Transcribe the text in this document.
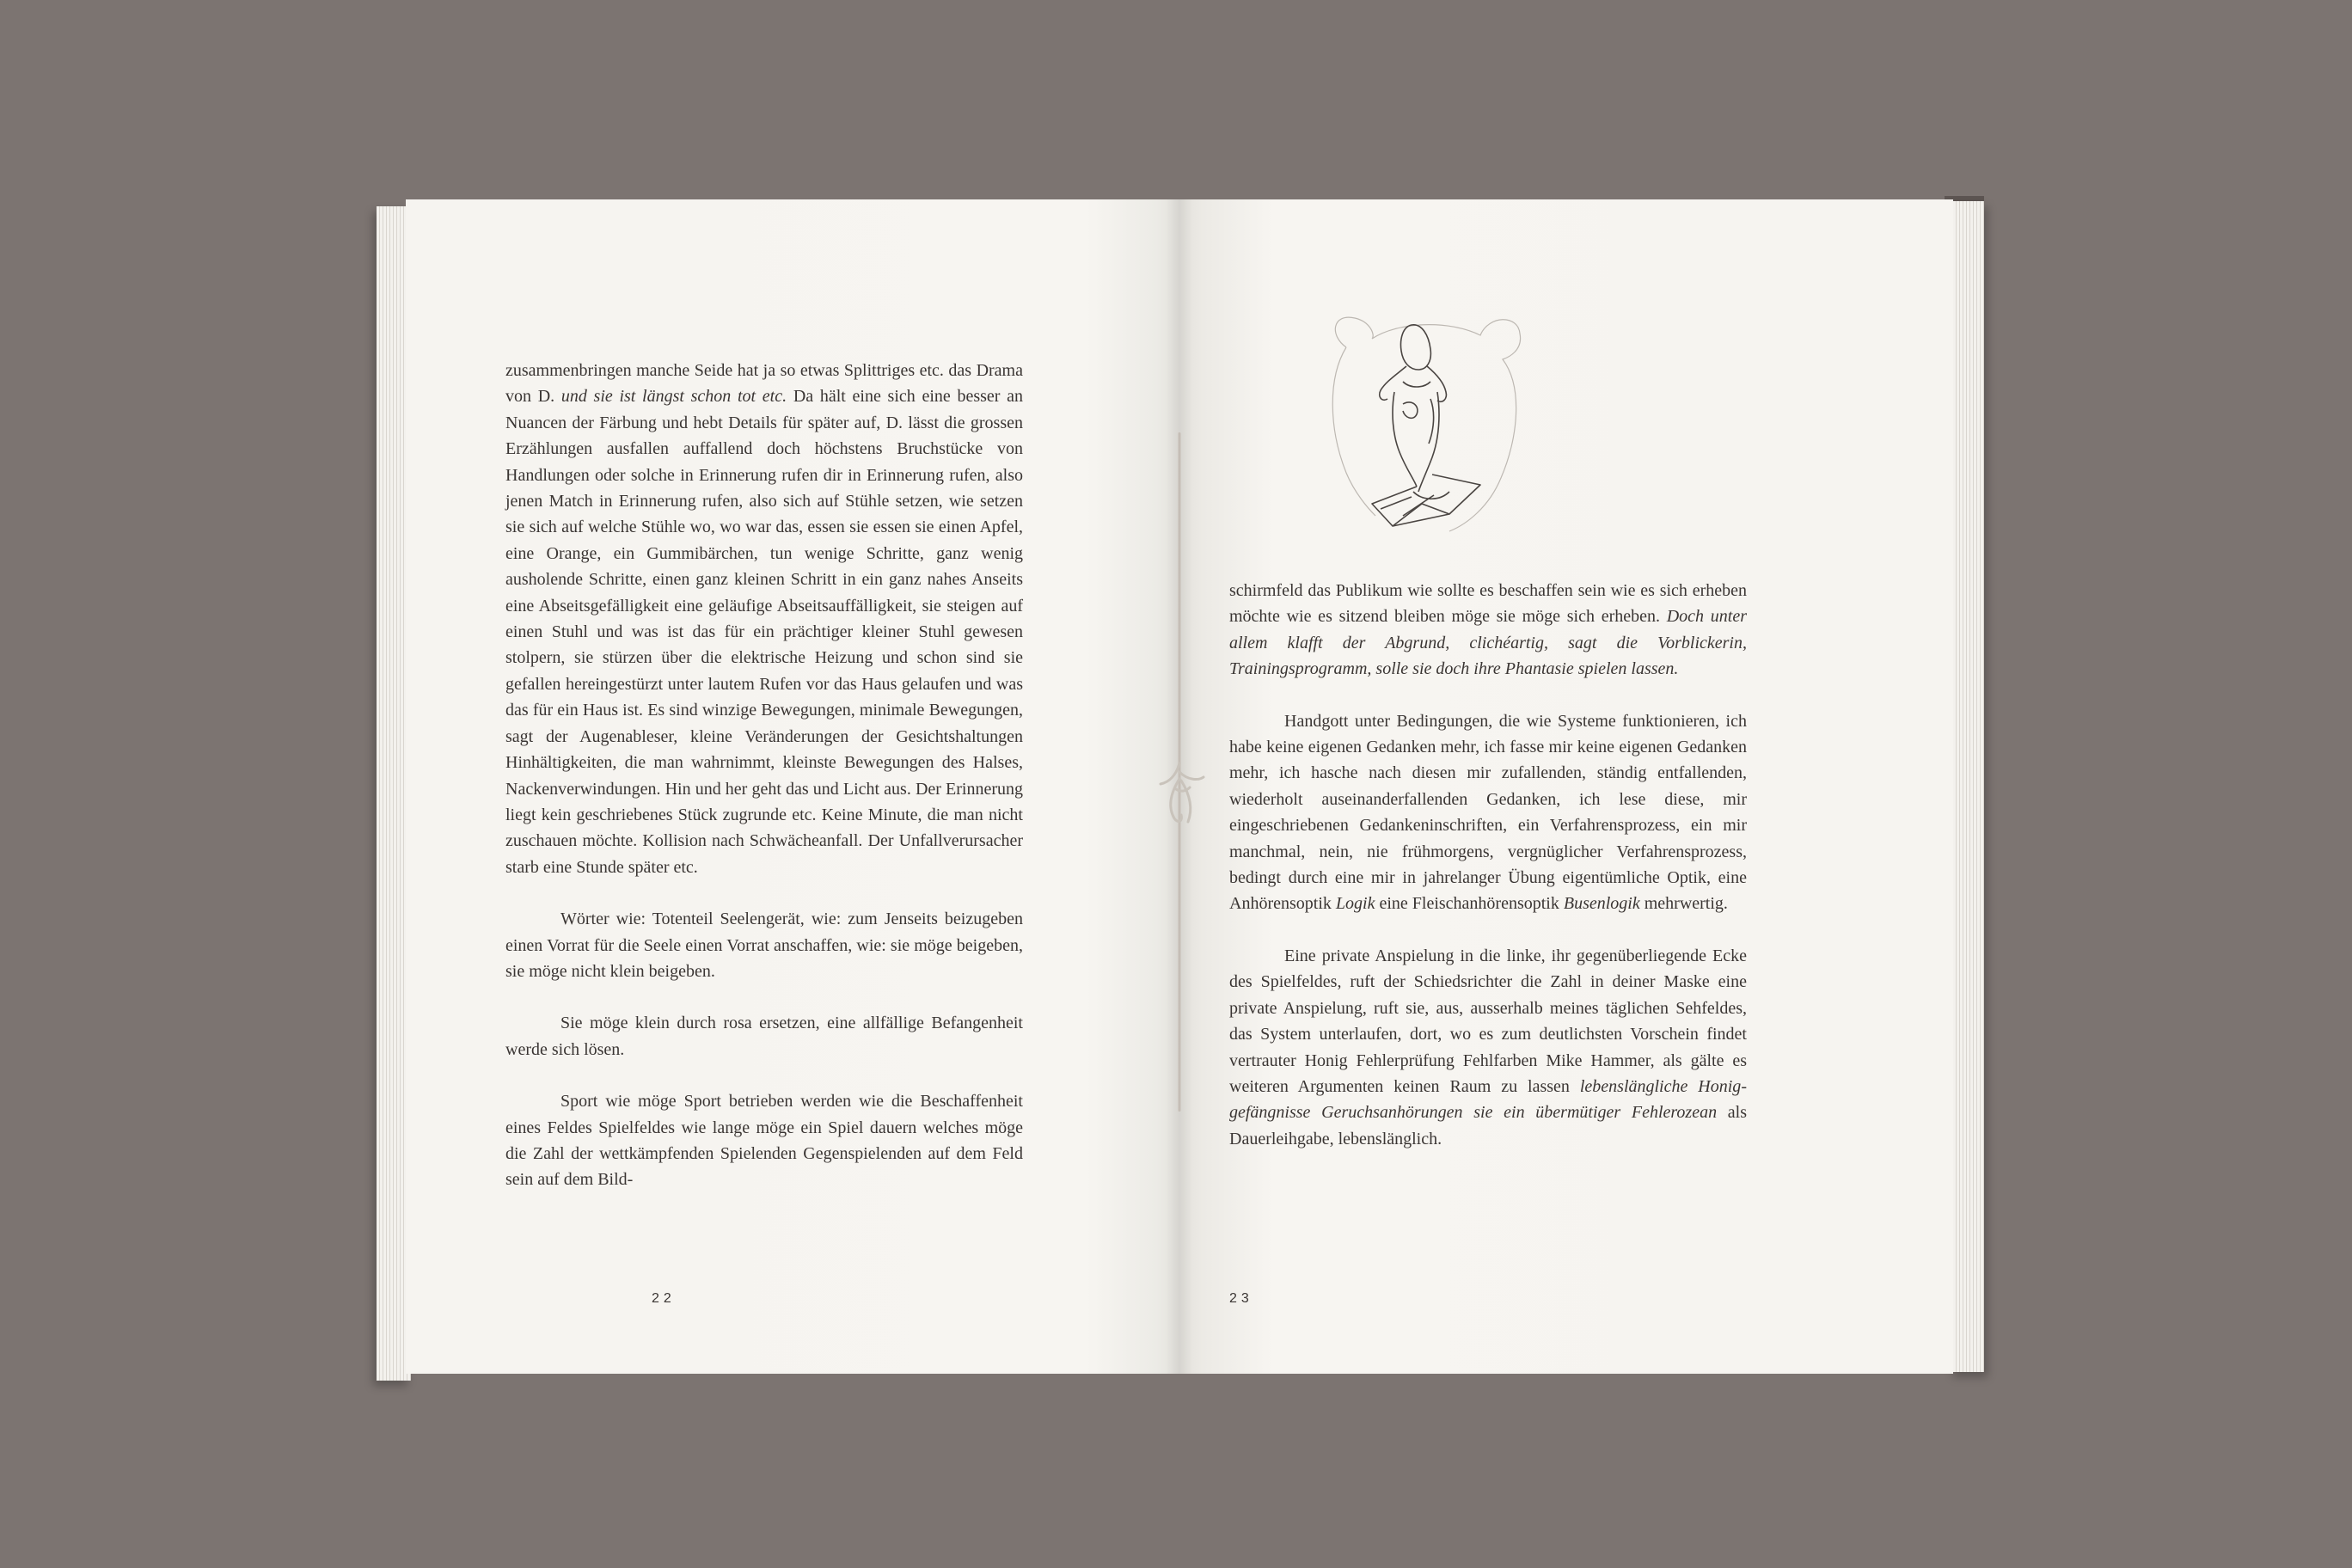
zusammenbringen manche Seide hat ja so etwas Splittriges etc. das Drama von D. und sie ist längst schon tot etc. Da hält eine sich eine besser an Nuancen der Färbung und hebt Details für später auf, D. lässt die grossen Erzählungen ausfallen auffallend doch höchstens Bruchstücke von Handlungen oder solche in Erinnerung rufen dir in Erinnerung rufen, also jenen Match in Erinnerung rufen, also sich auf Stühle setzen, wie setzen sie sich auf welche Stühle wo, wo war das, essen sie essen sie einen Apfel, eine Orange, ein Gummibärchen, tun wenige Schritte, ganz wenig ausholende Schritte, einen ganz kleinen Schritt in ein ganz nahes Anseits eine Abseitsgefälligkeit eine geläufige Abseitsauffälligkeit, sie steigen auf einen Stuhl und was ist das für ein prächtiger kleiner Stuhl gewesen stolpern, sie stürzen über die elektrische Heizung und schon sind sie gefallen hereingestürzt unter lautem Rufen vor das Haus gelaufen und was das für ein Haus ist. Es sind winzige Bewegungen, minimale Bewegungen, sagt der Augenableser, kleine Veränderungen der Gesichtshaltungen Hinhältigkeiten, die man wahrnimmt, kleinste Bewegungen des Halses, Nackenverwindungen. Hin und her geht das und Licht aus. Der Erinnerung liegt kein geschriebenes Stück zugrunde etc. Keine Minute, die man nicht zuschauen möchte. Kollision nach Schwächeanfall. Der Unfallverursacher starb eine Stunde später etc.

Wörter wie: Totenteil Seelengerät, wie: zum Jenseits beizugeben einen Vorrat für die Seele einen Vorrat anschaffen, wie: sie möge beigeben, sie möge nicht klein beigeben.

Sie möge klein durch rosa ersetzen, eine allfällige Befangenheit werde sich lösen.

Sport wie möge Sport betrieben werden wie die Beschaffenheit eines Feldes Spielfeldes wie lange möge ein Spiel dauern welches möge die Zahl der wettkämpfenden Spielenden Gegenspielenden auf dem Feld sein auf dem Bild-

22

schirmfeld das Publikum wie sollte es beschaffen sein wie es sich erheben möchte wie es sitzend bleiben möge sie möge sich erheben. Doch unter allem klafft der Abgrund, clichéartig, sagt die Vorblickerin, Trainingsprogramm, solle sie doch ihre Phantasie spielen lassen.

Handgott unter Bedingungen, die wie Systeme funktionieren, ich habe keine eigenen Gedanken mehr, ich fasse mir keine eigenen Gedanken mehr, ich hasche nach diesen mir zufallenden, ständig entfallenden, wiederholt auseinanderfallenden Gedanken, ich lese diese, mir eingeschriebenen Gedankeninschriften, ein Verfahrensprozess, ein mir manchmal, nein, nie frühmorgens, vergnüglicher Verfahrensprozess, bedingt durch eine mir in jahrelanger Übung eigentümliche Optik, eine Anhörensoptik Logik eine Fleischanhörensoptik Busenlogik mehrwertig.

Eine private Anspielung in die linke, ihr gegenüberliegende Ecke des Spielfeldes, ruft der Schiedsrichter die Zahl in deiner Maske eine private Anspielung, ruft sie, aus, ausserhalb meines täglichen Sehfeldes, das System unterlaufen, dort, wo es zum deutlichsten Vorschein findet vertrauter Honig Fehlerprüfung Fehlfarben Mike Hammer, als gälte es weiteren Argumenten keinen Raum zu lassen lebenslängliche Honiggefängnisse Geruchsanhörungen sie ein übermütiger Fehlerozean als Dauerleihgabe, lebenslänglich.

23
